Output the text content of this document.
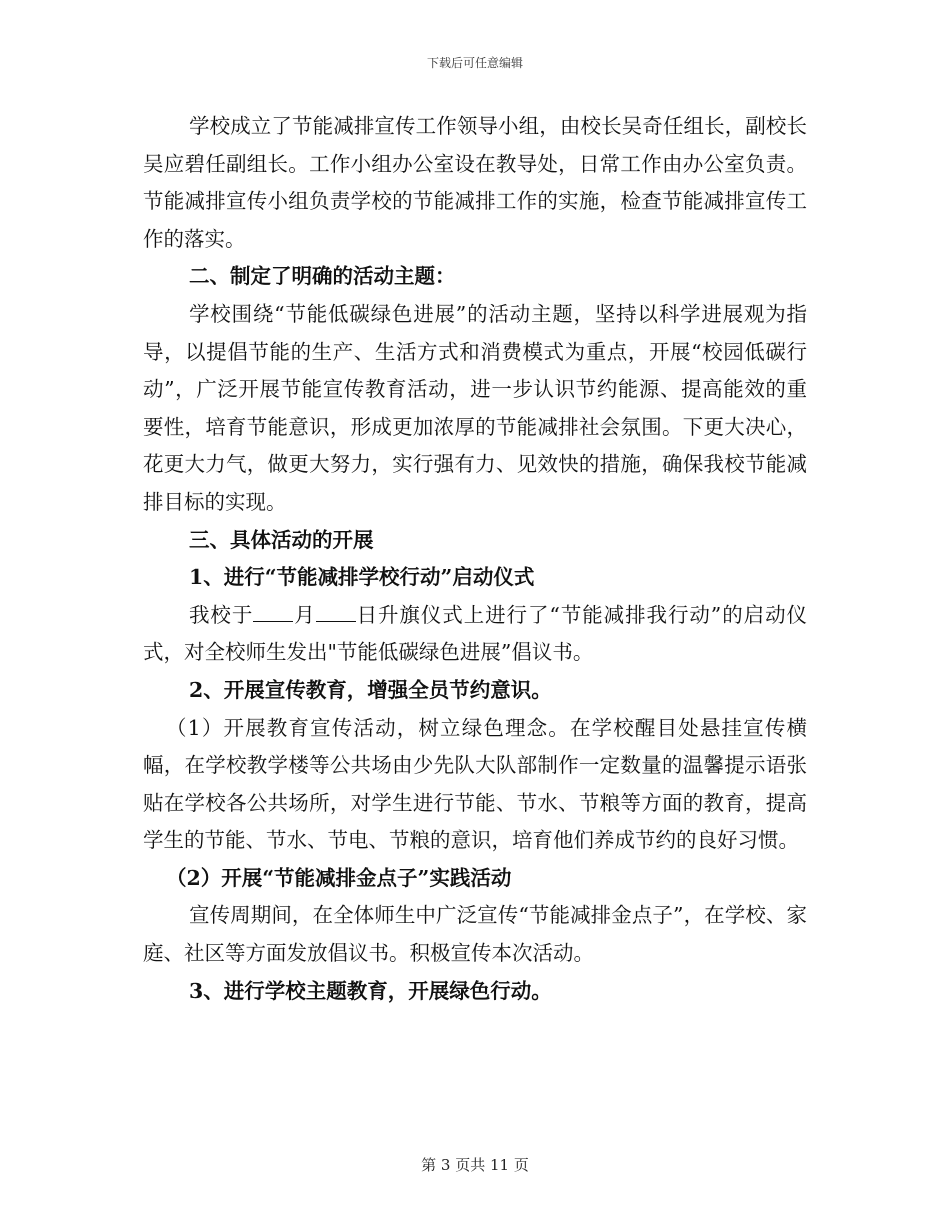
下载后可任意编辑

学校成立了节能减排宣传工作领导小组，由校长吴奇任组长，副校长吴应碧任副组长。工作小组办公室设在教导处，日常工作由办公室负责。节能减排宣传小组负责学校的节能减排工作的实施，检查节能减排宣传工作的落实。

二、制定了明确的活动主题：

学校围绕“节能低碳绿色进展”的活动主题，坚持以科学进展观为指导，以提倡节能的生产、生活方式和消费模式为重点，开展“校园低碳行动”，广泛开展节能宣传教育活动，进一步认识节约能源、提高能效的重要性，培育节能意识，形成更加浓厚的节能减排社会氛围。下更大决心，花更大力气，做更大努力，实行强有力、见效快的措施，确保我校节能减排目标的实现。

三、具体活动的开展

1、进行“节能减排学校行动”启动仪式

我校于 月 日升旗仪式上进行了“节能减排我行动”的启动仪式，对全校师生发出"节能低碳绿色进展”倡议书。

2、开展宣传教育，增强全员节约意识。

（1）开展教育宣传活动，树立绿色理念。在学校醒目处悬挂宣传横幅，在学校教学楼等公共场由少先队大队部制作一定数量的温馨提示语张贴在学校各公共场所，对学生进行节能、节水、节粮等方面的教育，提高学生的节能、节水、节电、节粮的意识，培育他们养成节约的良好习惯。

（2）开展“节能减排金点子”实践活动

宣传周期间，在全体师生中广泛宣传“节能减排金点子”，在学校、家庭、社区等方面发放倡议书。积极宣传本次活动。

3、进行学校主题教育，开展绿色行动。

第 3 页共 11 页
